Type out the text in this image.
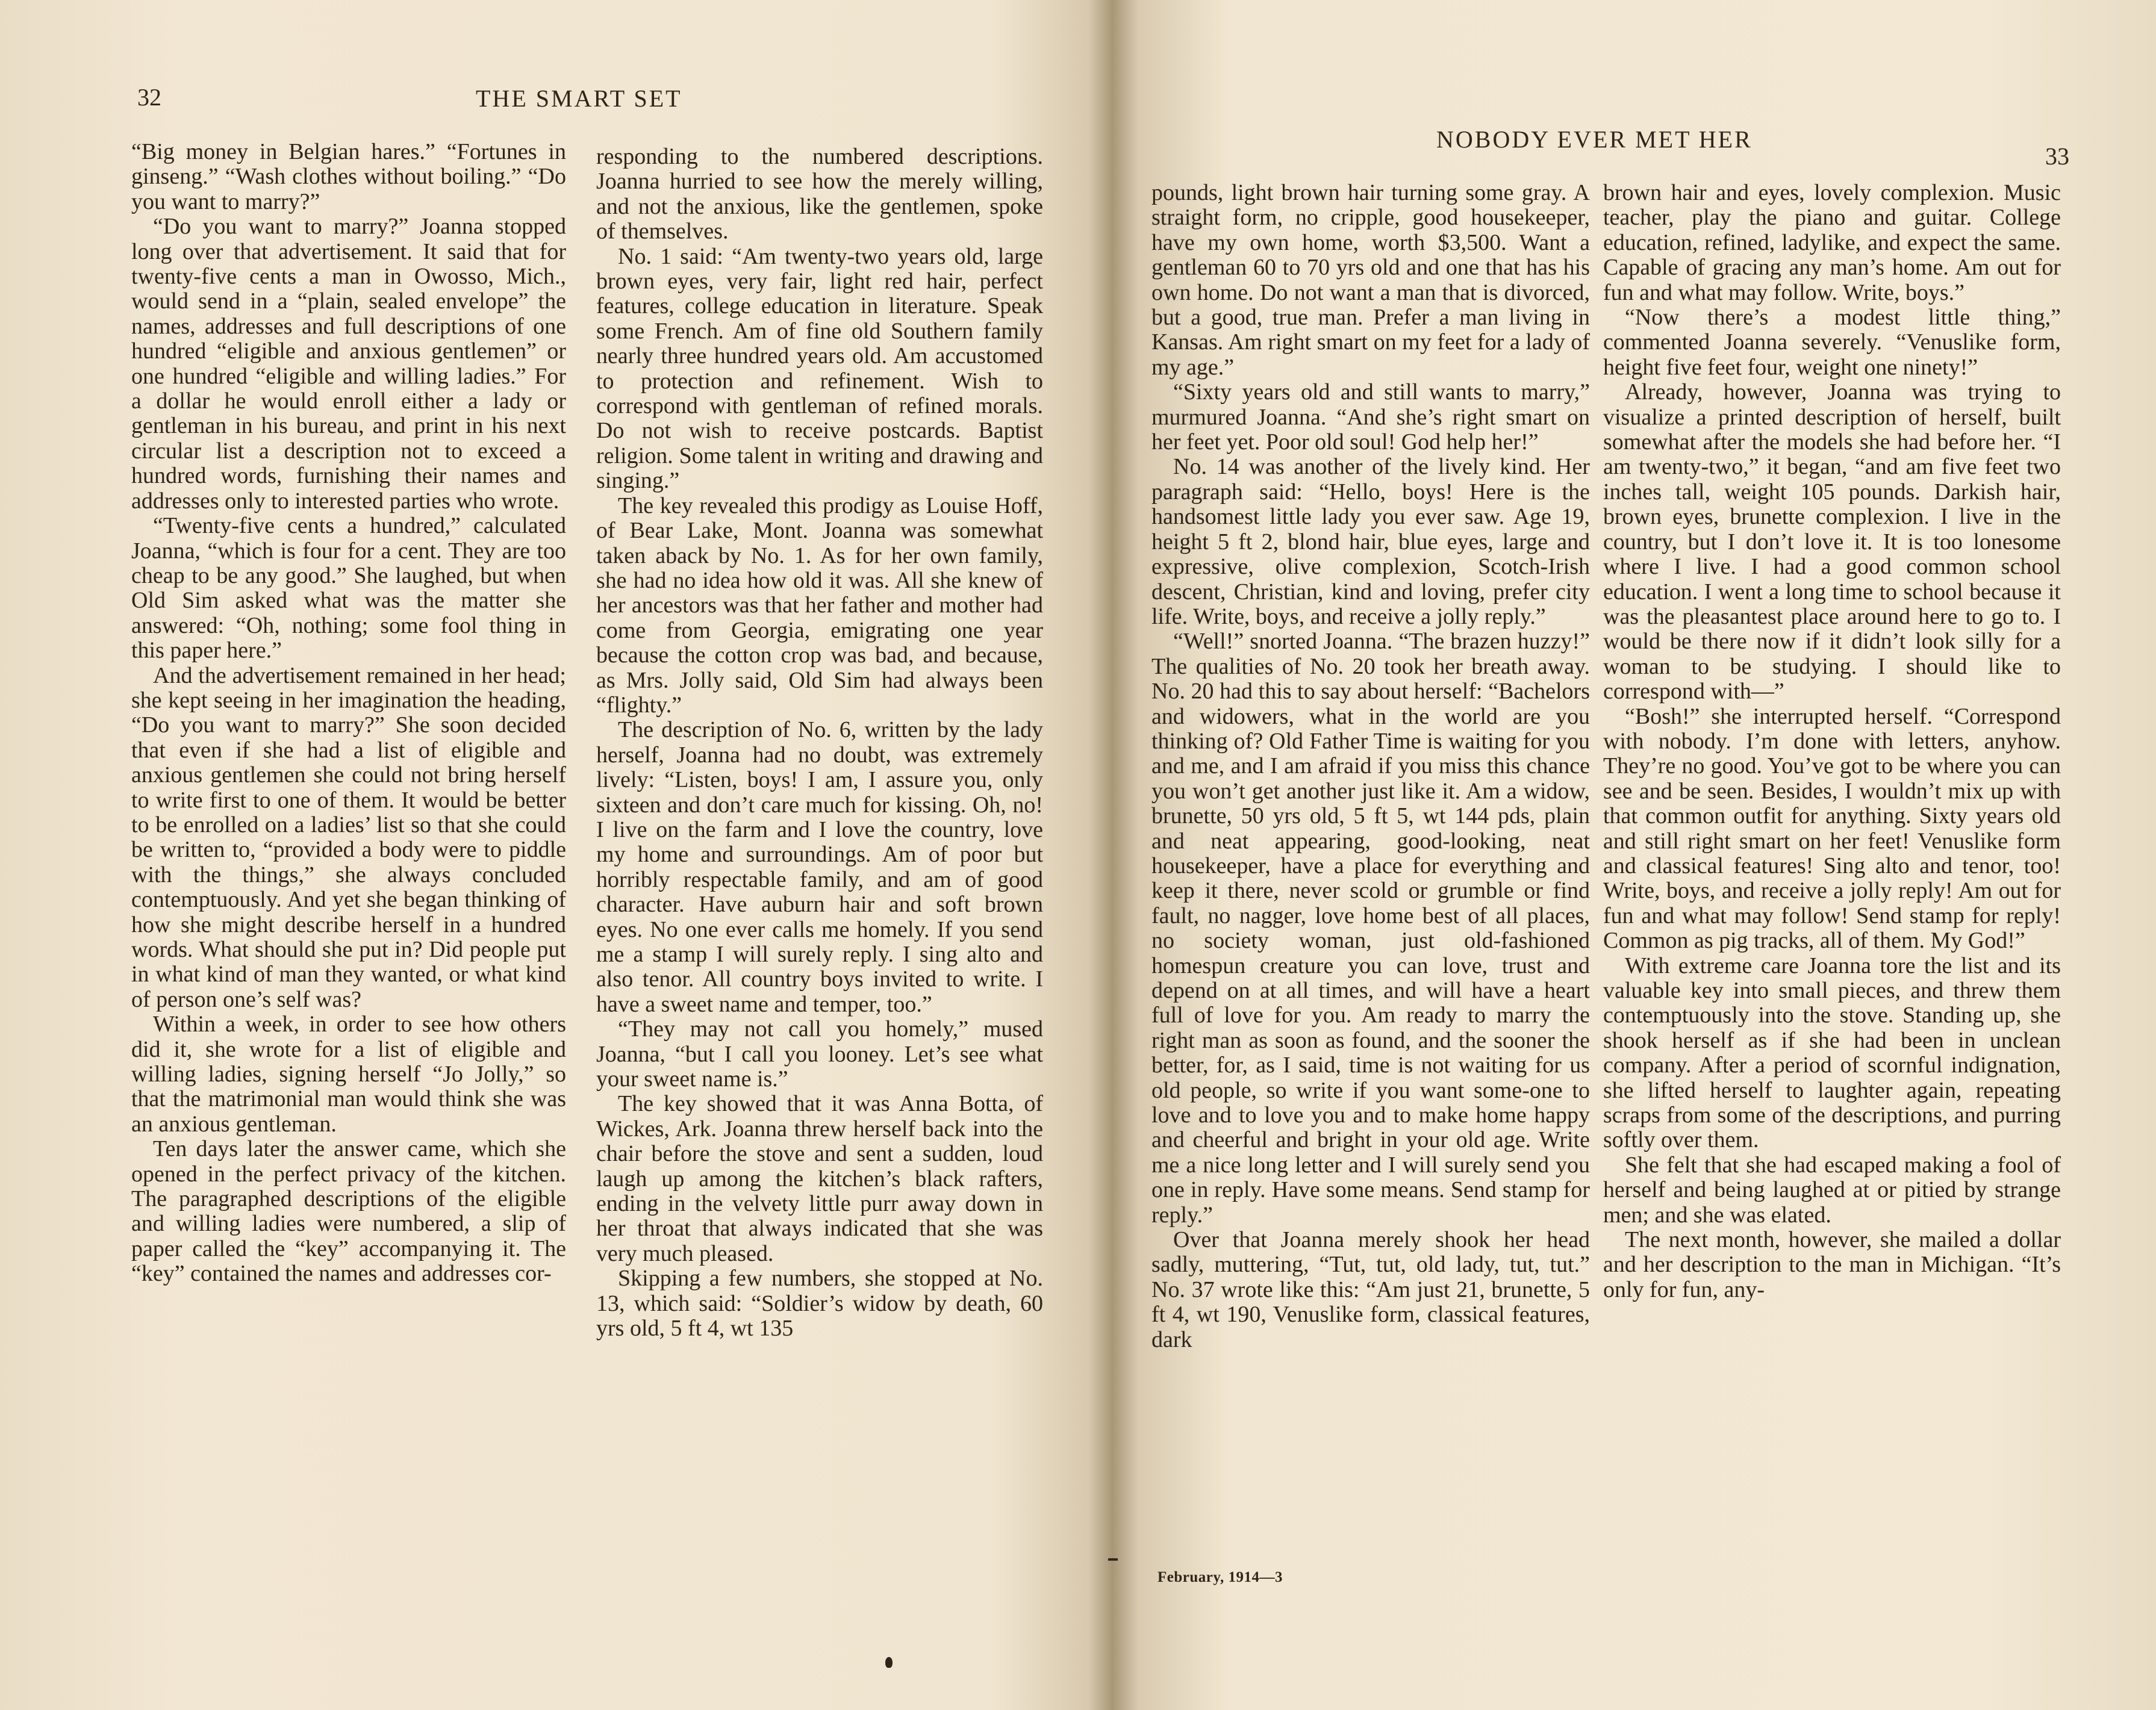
32	THE SMART SET

“Big money in Belgian hares.” “Fortunes in ginseng.” “Wash clothes without boiling.” “Do you want to marry?”

“Do you want to marry?” Joanna stopped long over that advertisement. It said that for twenty-five cents a man in Owosso, Mich., would send in a “plain, sealed envelope” the names, addresses and full descriptions of one hundred “eligible and anxious gentlemen” or one hundred “eligible and willing ladies.” For a dollar he would enroll either a lady or gentleman in his bureau, and print in his next circular list a description not to exceed a hundred words, furnishing their names and addresses only to interested parties who wrote.

“Twenty-five cents a hundred,” calculated Joanna, “which is four for a cent. They are too cheap to be any good.” She laughed, but when Old Sim asked what was the matter she answered: “Oh, nothing; some fool thing in this paper here.”

And the advertisement remained in her head; she kept seeing in her imagination the heading, “Do you want to marry?” She soon decided that even if she had a list of eligible and anxious gentlemen she could not bring herself to write first to one of them. It would be better to be enrolled on a ladies’ list so that she could be written to, “provided a body were to piddle with the things,” she always concluded contemptuously. And yet she began thinking of how she might describe herself in a hundred words. What should she put in? Did people put in what kind of man they wanted, or what kind of person one’s self was?

Within a week, in order to see how others did it, she wrote for a list of eligible and willing ladies, signing herself “Jo Jolly,” so that the matrimonial man would think she was an anxious gentleman.

Ten days later the answer came, which she opened in the perfect privacy of the kitchen. The paragraphed descriptions of the eligible and willing ladies were numbered, a slip of paper called the “key” accompanying it. The “key” contained the names and addresses cor-

responding to the numbered descriptions. Joanna hurried to see how the merely willing, and not the anxious, like the gentlemen, spoke of themselves.

No. 1 said: “Am twenty-two years old, large brown eyes, very fair, light red hair, perfect features, college education in literature. Speak some French. Am of fine old Southern family nearly three hundred years old. Am accustomed to protection and refinement. Wish to correspond with gentleman of refined morals. Do not wish to receive postcards. Baptist religion. Some talent in writing and drawing and singing.”

The key revealed this prodigy as Louise Hoff, of Bear Lake, Mont. Joanna was somewhat taken aback by No. 1. As for her own family, she had no idea how old it was. All she knew of her ancestors was that her father and mother had come from Georgia, emigrating one year because the cotton crop was bad, and because, as Mrs. Jolly said, Old Sim had always been “flighty.”

The description of No. 6, written by the lady herself, Joanna had no doubt, was extremely lively: “Listen, boys! I am, I assure you, only sixteen and don’t care much for kissing. Oh, no! I live on the farm and I love the country, love my home and surroundings. Am of poor but horribly respectable family, and am of good character. Have auburn hair and soft brown eyes. No one ever calls me homely. If you send me a stamp I will surely reply. I sing alto and also tenor. All country boys invited to write. I have a sweet name and temper, too.”

“They may not call you homely,” mused Joanna, “but I call you looney. Let’s see what your sweet name is.”

The key showed that it was Anna Botta, of Wickes, Ark. Joanna threw herself back into the chair before the stove and sent a sudden, loud laugh up among the kitchen’s black rafters, ending in the velvety little purr away down in her throat that always indicated that she was very much pleased.

Skipping a few numbers, she stopped at No. 13, which said: “Soldier’s widow by death, 60 yrs old, 5 ft 4, wt 135

NOBODY EVER MET HER
33

pounds, light brown hair turning some gray. A straight form, no cripple, good housekeeper, have my own home, worth $3,500. Want a gentleman 60 to 70 yrs old and one that has his own home. Do not want a man that is divorced, but a good, true man. Prefer a man living in Kansas. Am right smart on my feet for a lady of my age.”

“Sixty years old and still wants to marry,” murmured Joanna. “And she’s right smart on her feet yet. Poor old soul! God help her!”

No. 14 was another of the lively kind. Her paragraph said: “Hello, boys! Here is the handsomest little lady you ever saw. Age 19, height 5 ft 2, blond hair, blue eyes, large and expressive, olive complexion, Scotch-Irish descent, Christian, kind and loving, prefer city life. Write, boys, and receive a jolly reply.”

“Well!” snorted Joanna. “The brazen huzzy!” The qualities of No. 20 took her breath away. No. 20 had this to say about herself: “Bachelors and widowers, what in the world are you thinking of? Old Father Time is waiting for you and me, and I am afraid if you miss this chance you won’t get another just like it. Am a widow, brunette, 50 yrs old, 5 ft 5, wt 144 pds, plain and neat appearing, good-looking, neat housekeeper, have a place for everything and keep it there, never scold or grumble or find fault, no nagger, love home best of all places, no society woman, just old-fashioned homespun creature you can love, trust and depend on at all times, and will have a heart full of love for you. Am ready to marry the right man as soon as found, and the sooner the better, for, as I said, time is not waiting for us old people, so write if you want some-one to love and to love you and to make home happy and cheerful and bright in your old age. Write me a nice long letter and I will surely send you one in reply. Have some means. Send stamp for reply.”

Over that Joanna merely shook her head sadly, muttering, “Tut, tut, old lady, tut, tut.” No. 37 wrote like this: “Am just 21, brunette, 5 ft 4, wt 190, Venuslike form, classical features, dark

February, 1914—3

brown hair and eyes, lovely complexion. Music teacher, play the piano and guitar. College education, refined, ladylike, and expect the same. Capable of gracing any man’s home. Am out for fun and what may follow. Write, boys.”

“Now there’s a modest little thing,” commented Joanna severely. “Venuslike form, height five feet four, weight one ninety!”

Already, however, Joanna was trying to visualize a printed description of herself, built somewhat after the models she had before her. “I am twenty-two,” it began, “and am five feet two inches tall, weight 105 pounds. Darkish hair, brown eyes, brunette complexion. I live in the country, but I don’t love it. It is too lonesome where I live. I had a good common school education. I went a long time to school because it was the pleasantest place around here to go to. I would be there now if it didn’t look silly for a woman to be studying. I should like to correspond with—”

“Bosh!” she interrupted herself. “Correspond with nobody. I’m done with letters, anyhow. They’re no good. You’ve got to be where you can see and be seen. Besides, I wouldn’t mix up with that common outfit for anything. Sixty years old and still right smart on her feet! Venuslike form and classical features! Sing alto and tenor, too! Write, boys, and receive a jolly reply! Am out for fun and what may follow! Send stamp for reply! Common as pig tracks, all of them. My God!”

With extreme care Joanna tore the list and its valuable key into small pieces, and threw them contemptuously into the stove. Standing up, she shook herself as if she had been in unclean company. After a period of scornful indignation, she lifted herself to laughter again, repeating scraps from some of the descriptions, and purring softly over them.

She felt that she had escaped making a fool of herself and being laughed at or pitied by strange men; and she was elated.

The next month, however, she mailed a dollar and her description to the man in Michigan. “It’s only for fun, any-
